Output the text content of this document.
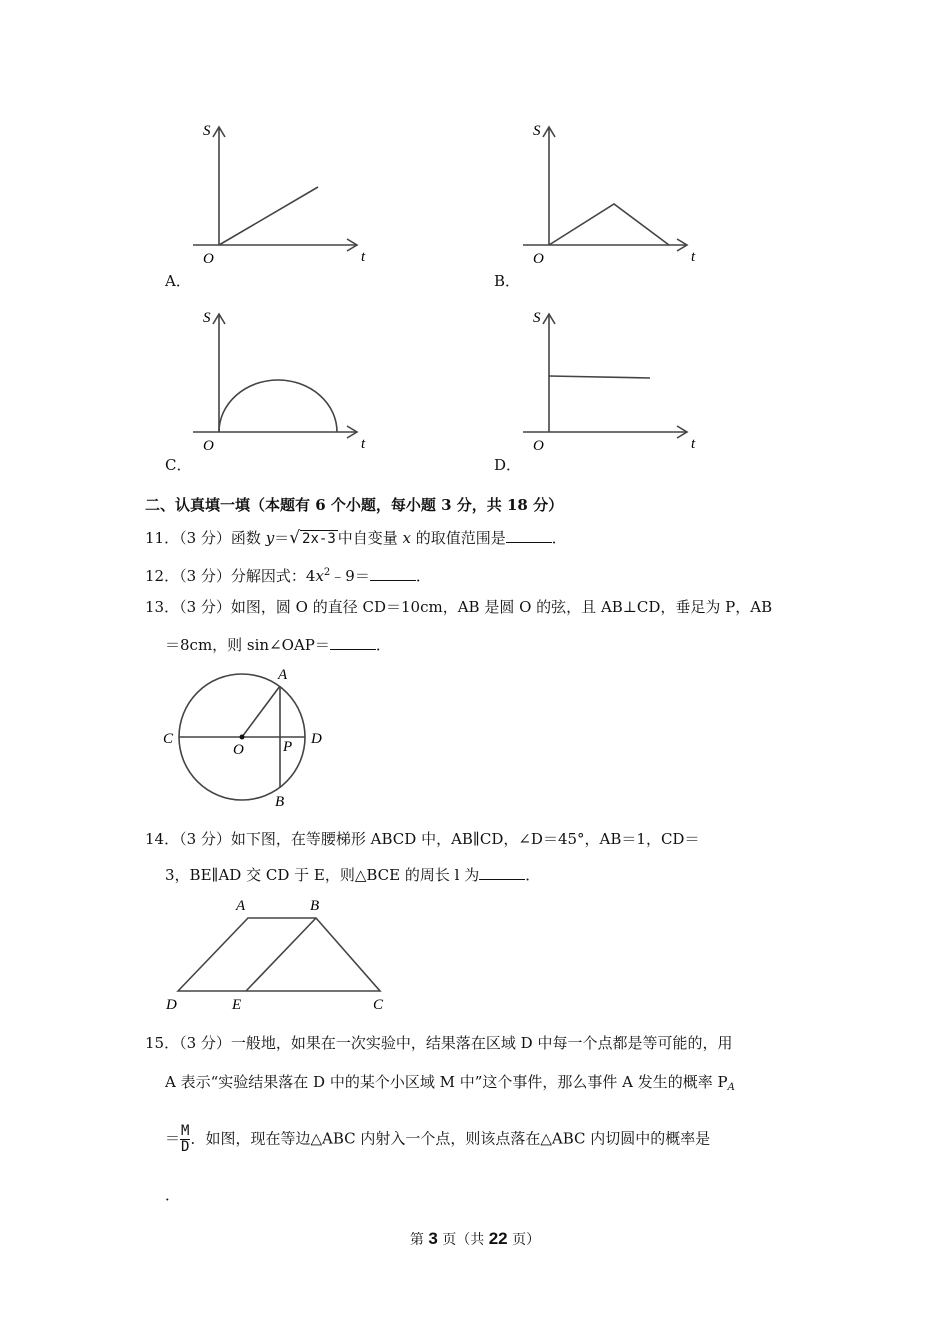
S
t
O
A．
S
t
O
B．
S
t
O
C．
S
t
O
D．
二、认真填一填（本题有 6 个小题，每小题 3 分，共 18 分）
11．（3 分）函数 y＝√ 2x-3 中自变量 x 的取值范围是	．
12．（3 分）分解因式：$4x^2﹣9=$	．
13．（3 分）如图，圆 O 的直径 CD＝10cm，AB 是圆 O 的弦，且 AB⊥CD，垂足为 P，AB
＝8cm，则 sin∠OAP＝	．
A
B
C	D
O	P
14．（3 分）如下图，在等腰梯形 ABCD 中，AB∥CD，∠D＝45°，AB＝1，CD＝
3，BE∥AD 交 CD 于 E，则△BCE 的周长 l 为	．
A	B
C
D	E
15．（3 分）一般地，如果在一次实验中，结果落在区域 D 中每一个点都是等可能的，用
A 表示“实验结果落在 D 中的某个小区域 M 中”这个事件，那么事件 A 发生的概率 $P_A$
＝ $\frac{M}{D}$ ．如图，现在等边△ABC 内射入一个点，则该点落在△ABC 内切圆中的概率是
．
第 3 页（共 22 页）
